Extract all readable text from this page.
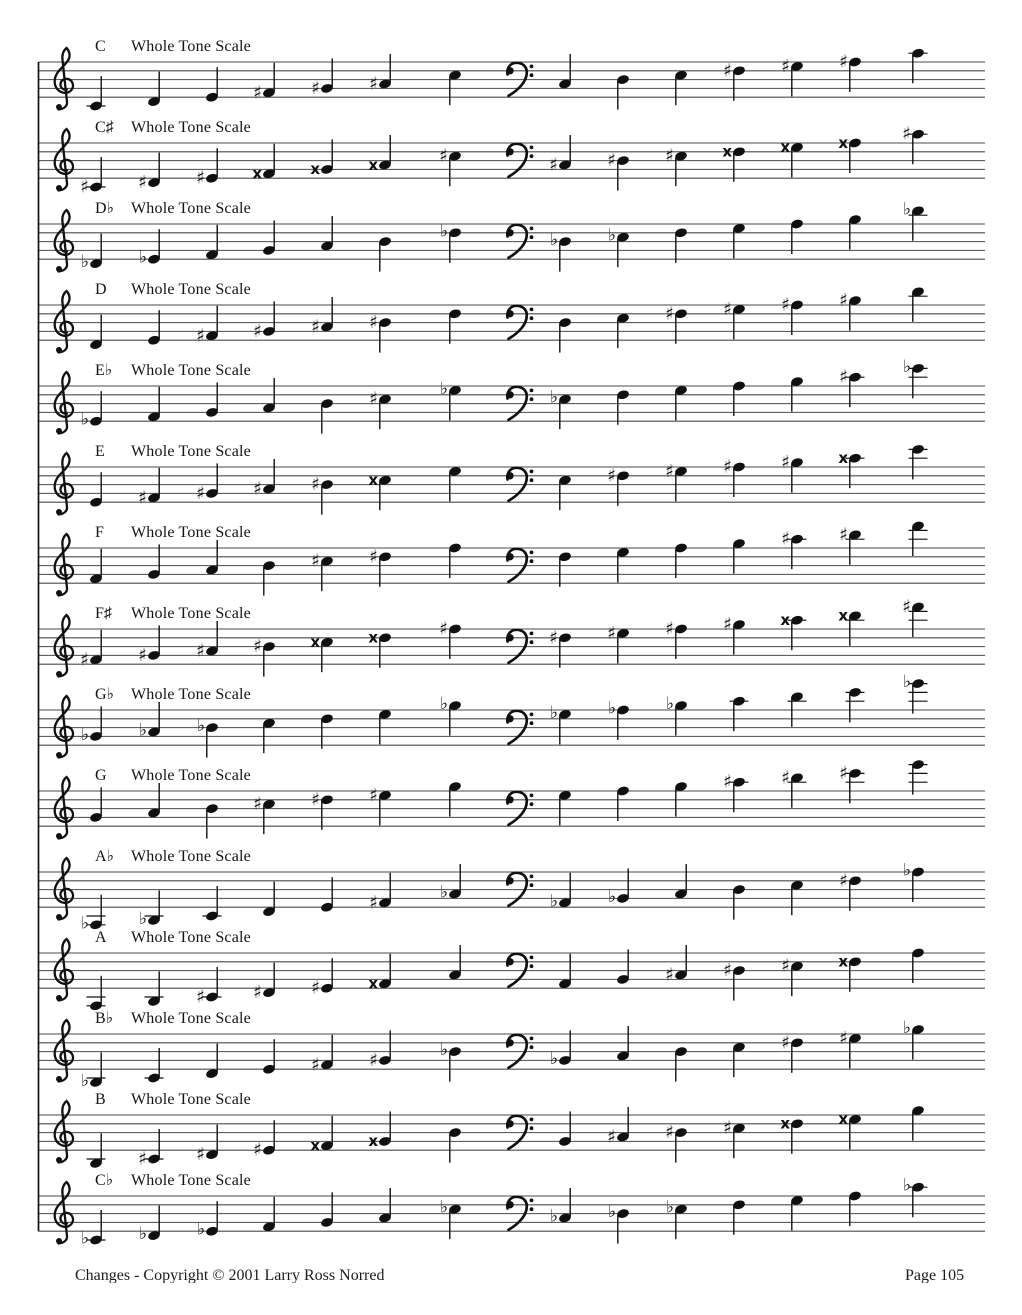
♯
♯
♯
♯
♯
♯
♯
♯
♯
♯
♯
♯
x
x
x
x
x
x
♯
♯
♭
♭
♭
♭
♭
♭
♯
♯
♯
♯
♯
♯
♯
♯
♭
♭
♯
♯
♭
♭
♯
♯
♯
♯
♯
♯
♯
♯
x
x
♯
♯
♯
♯
♯
♯
♯
♯
♯
♯
♯
♯
x
x
x
x
♯
♯
♭
♭
♭
♭
♭
♭
♭
♭
♯
♯
♯
♯
♯
♯
♭
♭
♭
♭
♯
♯
♭
♭
♯
♯
♯
♯
♯
♯
x
x
♭
♭
♯
♯
♯
♯
♭
♭
♯
♯
♯
♯
♯
♯
x
x
x
x
♭
♭
♭
♭
♭
♭
♭
♭
C Whole Tone Scale
C♯ Whole Tone Scale
D♭ Whole Tone Scale
D Whole Tone Scale
E♭ Whole Tone Scale
E Whole Tone Scale
F Whole Tone Scale
F♯ Whole Tone Scale
G♭ Whole Tone Scale
G Whole Tone Scale
A♭ Whole Tone Scale
A Whole Tone Scale
B♭ Whole Tone Scale
B Whole Tone Scale
C♭ Whole Tone Scale
Changes - Copyright © 2001 Larry Ross Norred	Page 105
